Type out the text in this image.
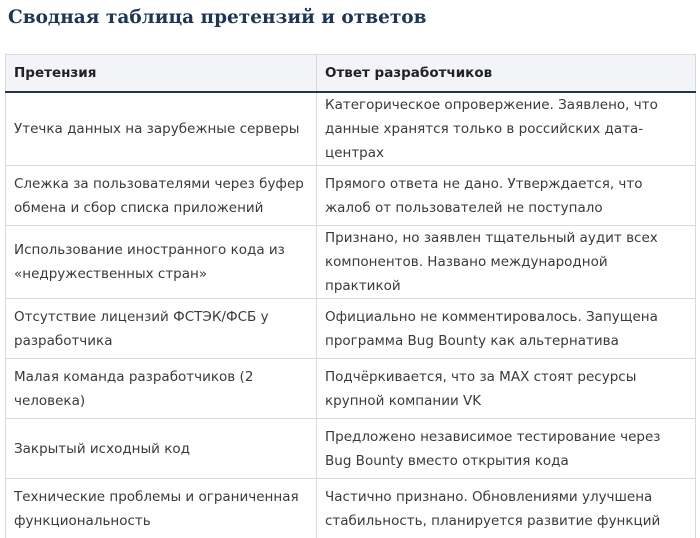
Сводная таблица претензий и ответов
Претензия	Ответ разработчиков
Утечка данных на зарубежные серверы	Категорическое опровержение. Заявлено, что данные хранятся только в российских дата-центрах
Слежка за пользователями через буфер обмена и сбор списка приложений	Прямого ответа не дано. Утверждается, что жалоб от пользователей не поступало
Использование иностранного кода из «недружественных стран»	Признано, но заявлен тщательный аудит всех компонентов. Названо международной практикой
Отсутствие лицензий ФСТЭК/ФСБ у разработчика	Официально не комментировалось. Запущена программа Bug Bounty как альтернатива
Малая команда разработчиков (2 человека)	Подчёркивается, что за MAX стоят ресурсы крупной компании VK
Закрытый исходный код	Предложено независимое тестирование через Bug Bounty вместо открытия кода
Технические проблемы и ограниченная функциональность	Частично признано. Обновлениями улучшена стабильность, планируется развитие функций
